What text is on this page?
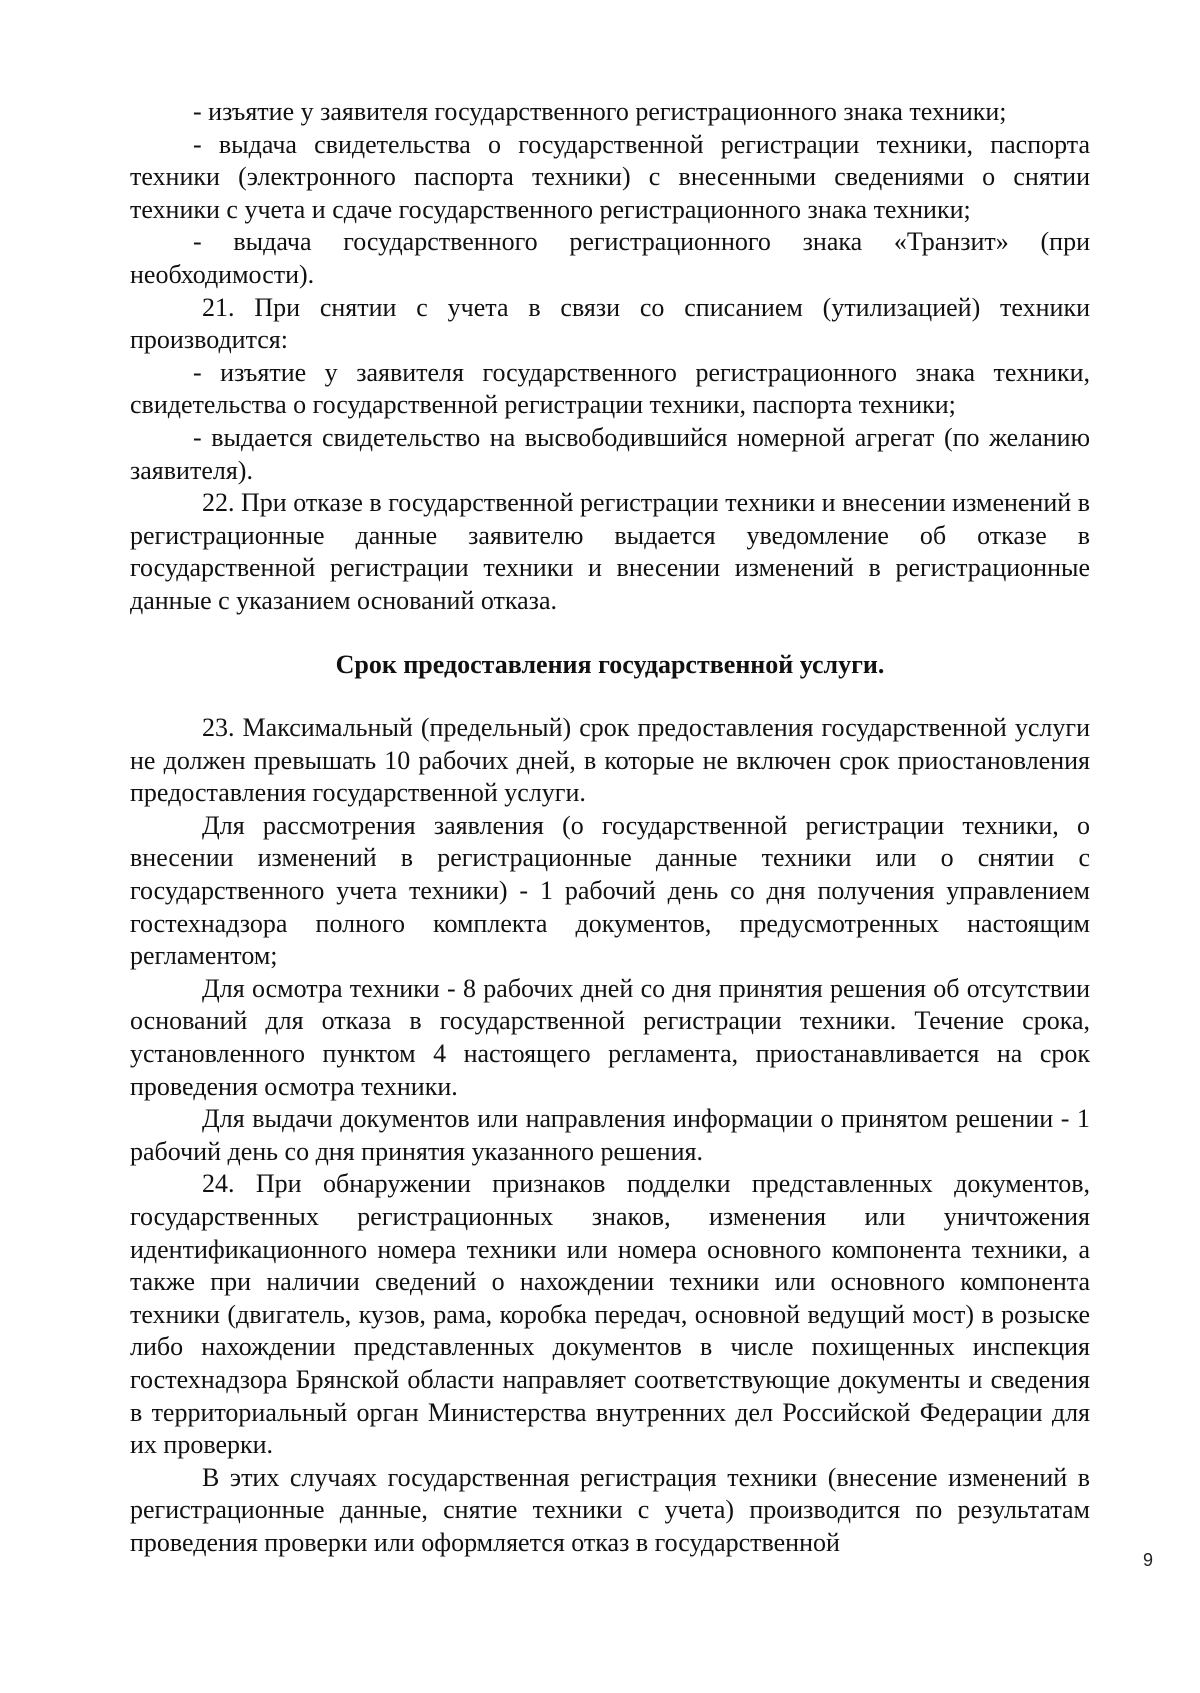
- изъятие у заявителя государственного регистрационного знака техники;

- выдача свидетельства о государственной регистрации техники, паспорта техники (электронного паспорта техники) с внесенными сведениями о снятии техники с учета и сдаче государственного регистрационного знака техники;

- выдача государственного регистрационного знака «Транзит» (при необходимости).

21. При снятии с учета в связи со списанием (утилизацией) техники производится:

- изъятие у заявителя государственного регистрационного знака техники, свидетельства о государственной регистрации техники, паспорта техники;

- выдается свидетельство на высвободившийся номерной агрегат (по желанию заявителя).

22. При отказе в государственной регистрации техники и внесении изменений в регистрационные данные заявителю выдается уведомление об отказе в государственной регистрации техники и внесении изменений в регистрационные данные с указанием оснований отказа.

Срок предоставления государственной услуги.

23. Максимальный (предельный) срок предоставления государственной услуги не должен превышать 10 рабочих дней, в которые не включен срок приостановления предоставления государственной услуги.

Для рассмотрения заявления (о государственной регистрации техники, о внесении изменений в регистрационные данные техники или о снятии с государственного учета техники) - 1 рабочий день со дня получения управлением гостехнадзора полного комплекта документов, предусмотренных настоящим регламентом;

Для осмотра техники - 8 рабочих дней со дня принятия решения об отсутствии оснований для отказа в государственной регистрации техники. Течение срока, установленного пунктом 4 настоящего регламента, приостанавливается на срок проведения осмотра техники.

Для выдачи документов или направления информации о принятом решении - 1 рабочий день со дня принятия указанного решения.

24. При обнаружении признаков подделки представленных документов, государственных регистрационных знаков, изменения или уничтожения идентификационного номера техники или номера основного компонента техники, а также при наличии сведений о нахождении техники или основного компонента техники (двигатель, кузов, рама, коробка передач, основной ведущий мост) в розыске либо нахождении представленных документов в числе похищенных инспекция гостехнадзора Брянской области направляет соответствующие документы и сведения в территориальный орган Министерства внутренних дел Российской Федерации для их проверки.

В этих случаях государственная регистрация техники (внесение изменений в регистрационные данные, снятие техники с учета) производится по результатам проведения проверки или оформляется отказ в государственной

9
